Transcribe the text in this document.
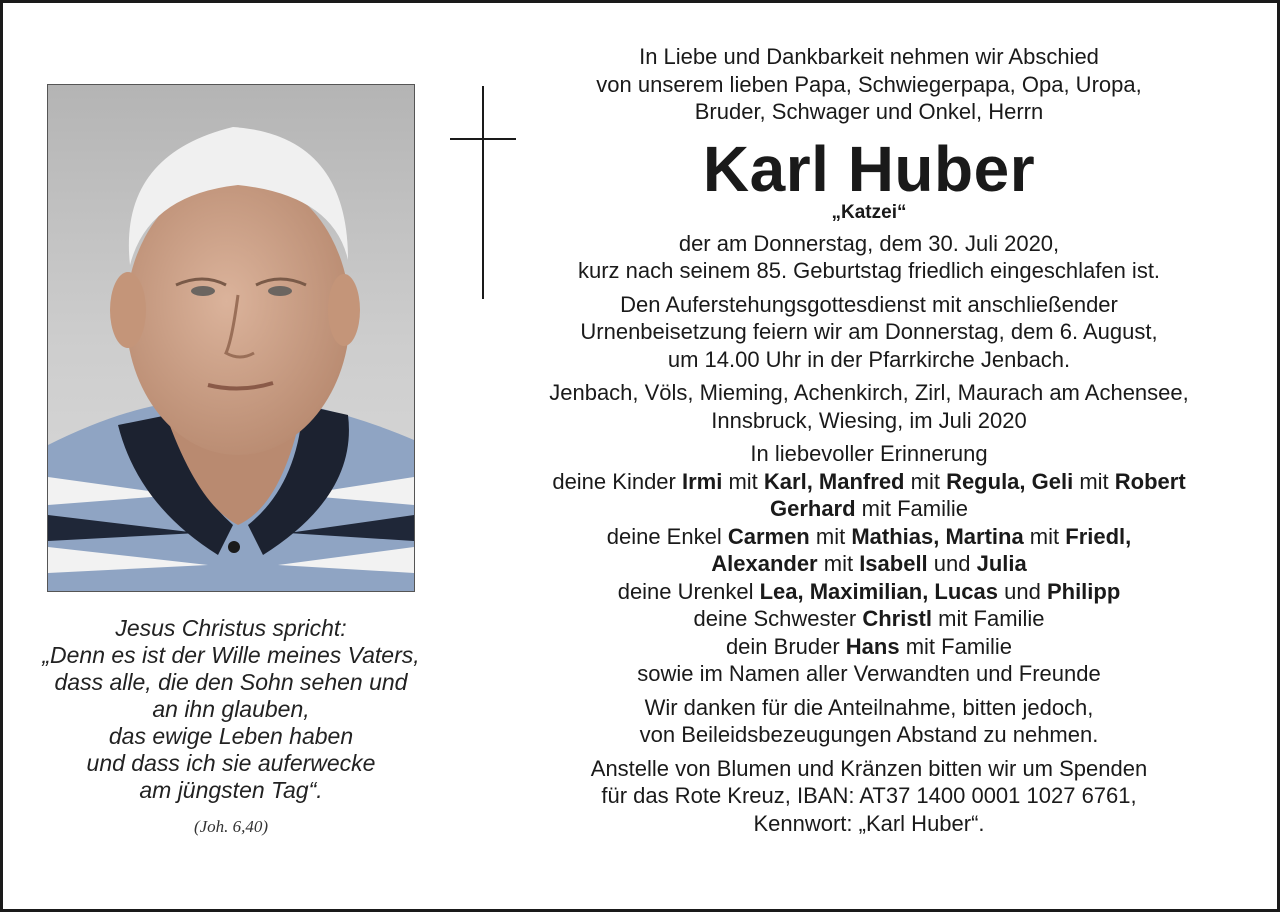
Jesus Christus spricht:
„Denn es ist der Wille meines Vaters,
dass alle, die den Sohn sehen und
an ihn glauben,
das ewige Leben haben
und dass ich sie auferwecke
am jüngsten Tag“.
(Joh. 6,40)
In Liebe und Dankbarkeit nehmen wir Abschied
von unserem lieben Papa, Schwiegerpapa, Opa, Uropa,
Bruder, Schwager und Onkel, Herrn
Karl Huber
„Katzei“
der am Donnerstag, dem 30. Juli 2020,
kurz nach seinem 85. Geburtstag friedlich eingeschlafen ist.
Den Auferstehungsgottesdienst mit anschließender
Urnenbeisetzung feiern wir am Donnerstag, dem 6. August,
um 14.00 Uhr in der Pfarrkirche Jenbach.
Jenbach, Völs, Mieming, Achenkirch, Zirl, Maurach am Achensee,
Innsbruck, Wiesing, im Juli 2020
In liebevoller Erinnerung
deine Kinder Irmi mit Karl, Manfred mit Regula, Geli mit Robert
Gerhard mit Familie
deine Enkel Carmen mit Mathias, Martina mit Friedl,
Alexander mit Isabell und Julia
deine Urenkel Lea, Maximilian, Lucas und Philipp
deine Schwester Christl mit Familie
dein Bruder Hans mit Familie
sowie im Namen aller Verwandten und Freunde
Wir danken für die Anteilnahme, bitten jedoch,
von Beileidsbezeugungen Abstand zu nehmen.
Anstelle von Blumen und Kränzen bitten wir um Spenden
für das Rote Kreuz, IBAN: AT37 1400 0001 1027 6761,
Kennwort: „Karl Huber“.
